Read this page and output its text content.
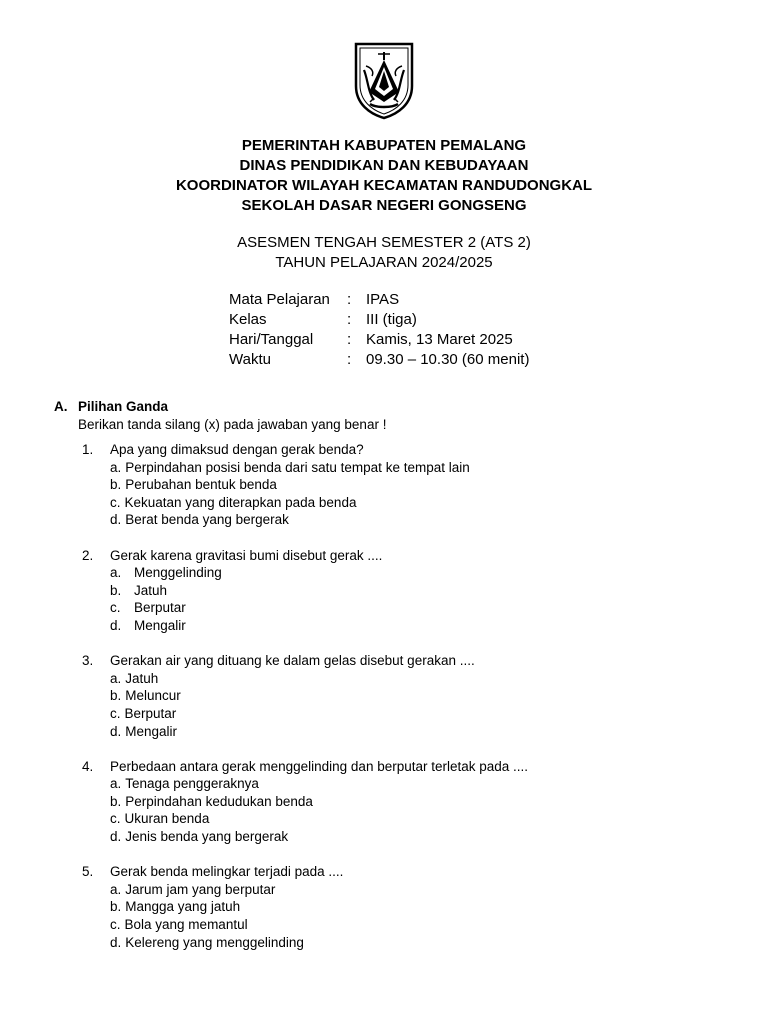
PEMERINTAH KABUPATEN PEMALANG
DINAS PENDIDIKAN DAN KEBUDAYAAN
KOORDINATOR WILAYAH KECAMATAN RANDUDONGKAL
SEKOLAH DASAR NEGERI GONGSENG
ASESMEN TENGAH SEMESTER 2 (ATS 2)
TAHUN PELAJARAN 2024/2025
Mata Pelajaran	: IPAS
Kelas	: III (tiga)
Hari/Tanggal	: Kamis, 13 Maret 2025
Waktu	: 09.30 – 10.30 (60 menit)
A. Pilihan Ganda
Berikan tanda silang (x) pada jawaban yang benar !
1.	Apa yang dimaksud dengan gerak benda?
a. Perpindahan posisi benda dari satu tempat ke tempat lain
b. Perubahan bentuk benda
c. Kekuatan yang diterapkan pada benda
d. Berat benda yang bergerak
2.	Gerak karena gravitasi bumi disebut gerak ....
a. Menggelinding
b. Jatuh
c. Berputar
d. Mengalir
3.	Gerakan air yang dituang ke dalam gelas disebut gerakan ....
a. Jatuh
b. Meluncur
c. Berputar
d. Mengalir
4.	Perbedaan antara gerak menggelinding dan berputar terletak pada ....
a. Tenaga penggeraknya
b. Perpindahan kedudukan benda
c. Ukuran benda
d. Jenis benda yang bergerak
5.	Gerak benda melingkar terjadi pada ....
a. Jarum jam yang berputar
b. Mangga yang jatuh
c. Bola yang memantul
d. Kelereng yang menggelinding
